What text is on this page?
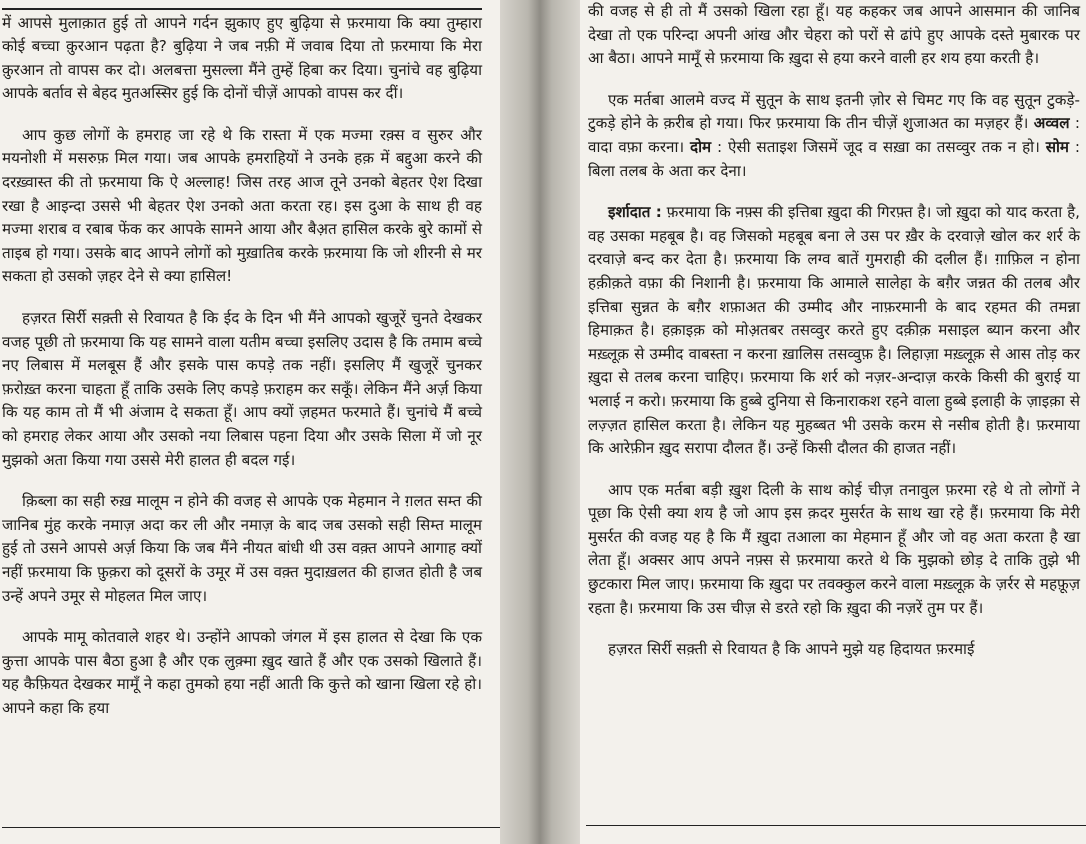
में आपसे मुलाक़ात हुई तो आपने गर्दन झुकाए हुए बुढ़िया से फ़रमाया कि क्या तुम्हारा कोई बच्चा क़ुरआन पढ़ता है? बुढ़िया ने जब नफ़ी में जवाब दिया तो फ़रमाया कि मेरा क़ुरआन तो वापस कर दो। अलबत्ता मुसल्ला मैंने तुम्हें हिबा कर दिया। चुनांचे वह बुढ़िया आपके बर्ताव से बेहद मुतअस्सिर हुई कि दोनों चीज़ें आपको वापस कर दीं।

आप कुछ लोगों के हमराह जा रहे थे कि रास्ता में एक मज्मा रक़्स व सुरुर और मयनोशी में मसरुफ़ मिल गया। जब आपके हमराहियों ने उनके हक़ में बद्दुआ करने की दरख़्वास्त की तो फ़रमाया कि ऐ अल्लाह! जिस तरह आज तूने उनको बेहतर ऐश दिखा रखा है आइन्दा उससे भी बेहतर ऐश उनको अता करता रह। इस दुआ के साथ ही वह मज्मा शराब व रबाब फेंक कर आपके सामने आया और बैअ़त हासिल करके बुरे कामों से ताइब हो गया। उसके बाद आपने लोगों को मुख़ातिब करके फ़रमाया कि जो शीरनी से मर सकता हो उसको ज़हर देने से क्या हासिल!

हज़रत सिर्री सक़्ती से रिवायत है कि ईद के दिन भी मैंने आपको खुजूरें चुनते देखकर वजह पूछी तो फ़रमाया कि यह सामने वाला यतीम बच्चा इसलिए उदास है कि तमाम बच्चे नए लिबास में मलबूस हैं और इसके पास कपड़े तक नहीं। इसलिए मैं खुजूरें चुनकर फ़रोख़्त करना चाहता हूँ ताकि उसके लिए कपड़े फ़राहम कर सकूँ। लेकिन मैंने अर्ज़ किया कि यह काम तो मैं भी अंजाम दे सकता हूँ। आप क्यों ज़हमत फरमाते हैं। चुनांचे मैं बच्चे को हमराह लेकर आया और उसको नया लिबास पहना दिया और उसके सिला में जो नूर मुझको अता किया गया उससे मेरी हालत ही बदल गई।

क़िब्ला का सही रुख़ मालूम न होने की वजह से आपके एक मेहमान ने ग़लत सम्त की जानिब मुंह करके नमाज़ अदा कर ली और नमाज़ के बाद जब उसको सही सिम्त मालूम हुई तो उसने आपसे अर्ज़ किया कि जब मैंने नीयत बांधी थी उस वक़्त आपने आगाह क्यों नहीं फ़रमाया कि फ़ुक़रा को दूसरों के उमूर में उस वक़्त मुदाख़लत की हाजत होती है जब उन्हें अपने उमूर से मोहलत मिल जाए।

आपके मामू कोतवाले शहर थे। उन्होंने आपको जंगल में इस हालत से देखा कि एक कुत्ता आपके पास बैठा हुआ है और एक लुक़्मा ख़ुद खाते हैं और एक उसको खिलाते हैं। यह कैफ़ियत देखकर मामूँ ने कहा तुमको हया नहीं आती कि कुत्ते को खाना खिला रहे हो। आपने कहा कि हया

की वजह से ही तो मैं उसको खिला रहा हूँ। यह कहकर जब आपने आसमान की जानिब देखा तो एक परिन्दा अपनी आंख और चेहरा को परों से ढांपे हुए आपके दस्ते मुबारक पर आ बैठा। आपने मामूँ से फ़रमाया कि ख़ुदा से हया करने वाली हर शय हया करती है।

एक मर्तबा आलमे वज्द में सुतून के साथ इतनी ज़ोर से चिमट गए कि वह सुतून टुकड़े-टुकड़े होने के क़रीब हो गया। फिर फ़रमाया कि तीन चीज़ें शुजाअत का मज़हर हैं। अव्वल : वादा वफ़ा करना। दोम : ऐसी सताइश जिसमें जूद व सख़ा का तसव्वुर तक न हो। सोम : बिला तलब के अता कर देना।

इर्शादात : फ़रमाया कि नफ़्स की इत्तिबा ख़ुदा की गिरफ़्त है। जो ख़ुदा को याद करता है, वह उसका महबूब है। वह जिसको महबूब बना ले उस पर ख़ैर के दरवाज़े खोल कर शर्र के दरवाज़े बन्द कर देता है। फ़रमाया कि लग्व बातें गुमराही की दलील हैं। ग़ाफ़िल न होना हक़ीक़ते वफ़ा की निशानी है। फ़रमाया कि आमाले सालेहा के बग़ैर जन्नत की तलब और इत्तिबा सुन्नत के बग़ैर शफ़ाअत की उम्मीद और नाफ़रमानी के बाद रहमत की तमन्ना हिमाक़त है। हक़ाइक़ को मोअ़तबर तसव्वुर करते हुए दक़ीक़ मसाइल ब्यान करना और मख़्लूक़ से उम्मीद वाबस्ता न करना ख़ालिस तसव्वुफ़ है। लिहाज़ा मख़्लूक़ से आस तोड़ कर ख़ुदा से तलब करना चाहिए। फ़रमाया कि शर्र को नज़र-अन्दाज़ करके किसी की बुराई या भलाई न करो। फ़रमाया कि हुब्बे दुनिया से किनाराकश रहने वाला हुब्बे इलाही के ज़ाइक़ा से लज़्ज़त हासिल करता है। लेकिन यह मुहब्बत भी उसके करम से नसीब होती है। फ़रमाया कि आरेफ़ीन ख़ुद सरापा दौलत हैं। उन्हें किसी दौलत की हाजत नहीं।

आप एक मर्तबा बड़ी ख़ुश दिली के साथ कोई चीज़ तनावुल फ़रमा रहे थे तो लोगों ने पूछा कि ऐसी क्या शय है जो आप इस क़दर मुसर्रत के साथ खा रहे हैं। फ़रमाया कि मेरी मुसर्रत की वजह यह है कि मैं ख़ुदा तआला का मेहमान हूँ और जो वह अता करता है खा लेता हूँ। अक्सर आप अपने नफ़्स से फ़रमाया करते थे कि मुझको छोड़ दे ताकि तुझे भी छुटकारा मिल जाए। फ़रमाया कि ख़ुदा पर तवक्कुल करने वाला मख़्लूक़ के ज़र्रर से महफ़ूज़ रहता है। फ़रमाया कि उस चीज़ से डरते रहो कि ख़ुदा की नज़रें तुम पर हैं।

हज़रत सिर्री सक़्ती से रिवायत है कि आपने मुझे यह हिदायत फ़रमाई
